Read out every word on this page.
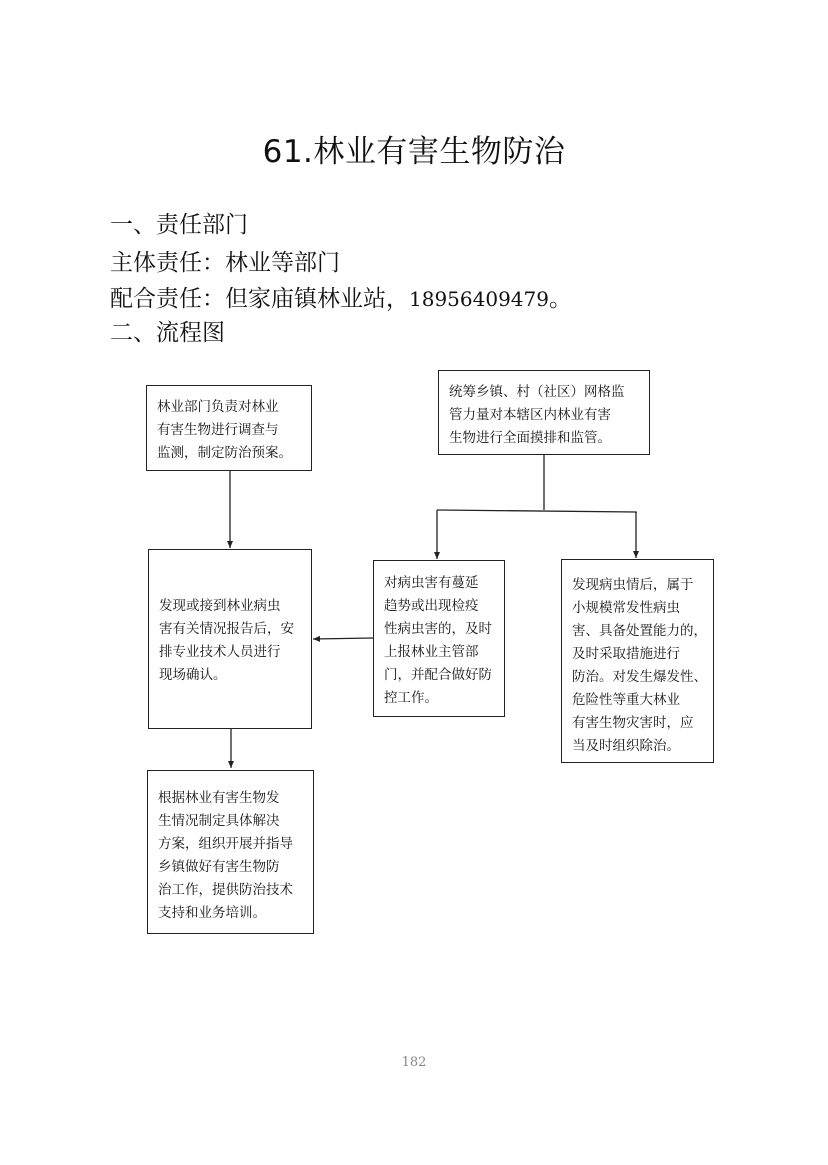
61.林业有害生物防治
一、责任部门
主体责任：林业等部门
配合责任：但家庙镇林业站，18956409479。
二、流程图
林业部门负责对林业
有害生物进行调查与
监测，制定防治预案。
统筹乡镇、村（社区）网格监
管力量对本辖区内林业有害
生物进行全面摸排和监管。
发现或接到林业病虫
害有关情况报告后，安
排专业技术人员进行
现场确认。
对病虫害有蔓延
趋势或出现检疫
性病虫害的，及时
上报林业主管部
门，并配合做好防
控工作。
发现病虫情后，属于
小规模常发性病虫
害、具备处置能力的，
及时采取措施进行
防治。对发生爆发性、
危险性等重大林业
有害生物灾害时，应
当及时组织除治。
根据林业有害生物发
生情况制定具体解决
方案，组织开展并指导
乡镇做好有害生物防
治工作，提供防治技术
支持和业务培训。
182
